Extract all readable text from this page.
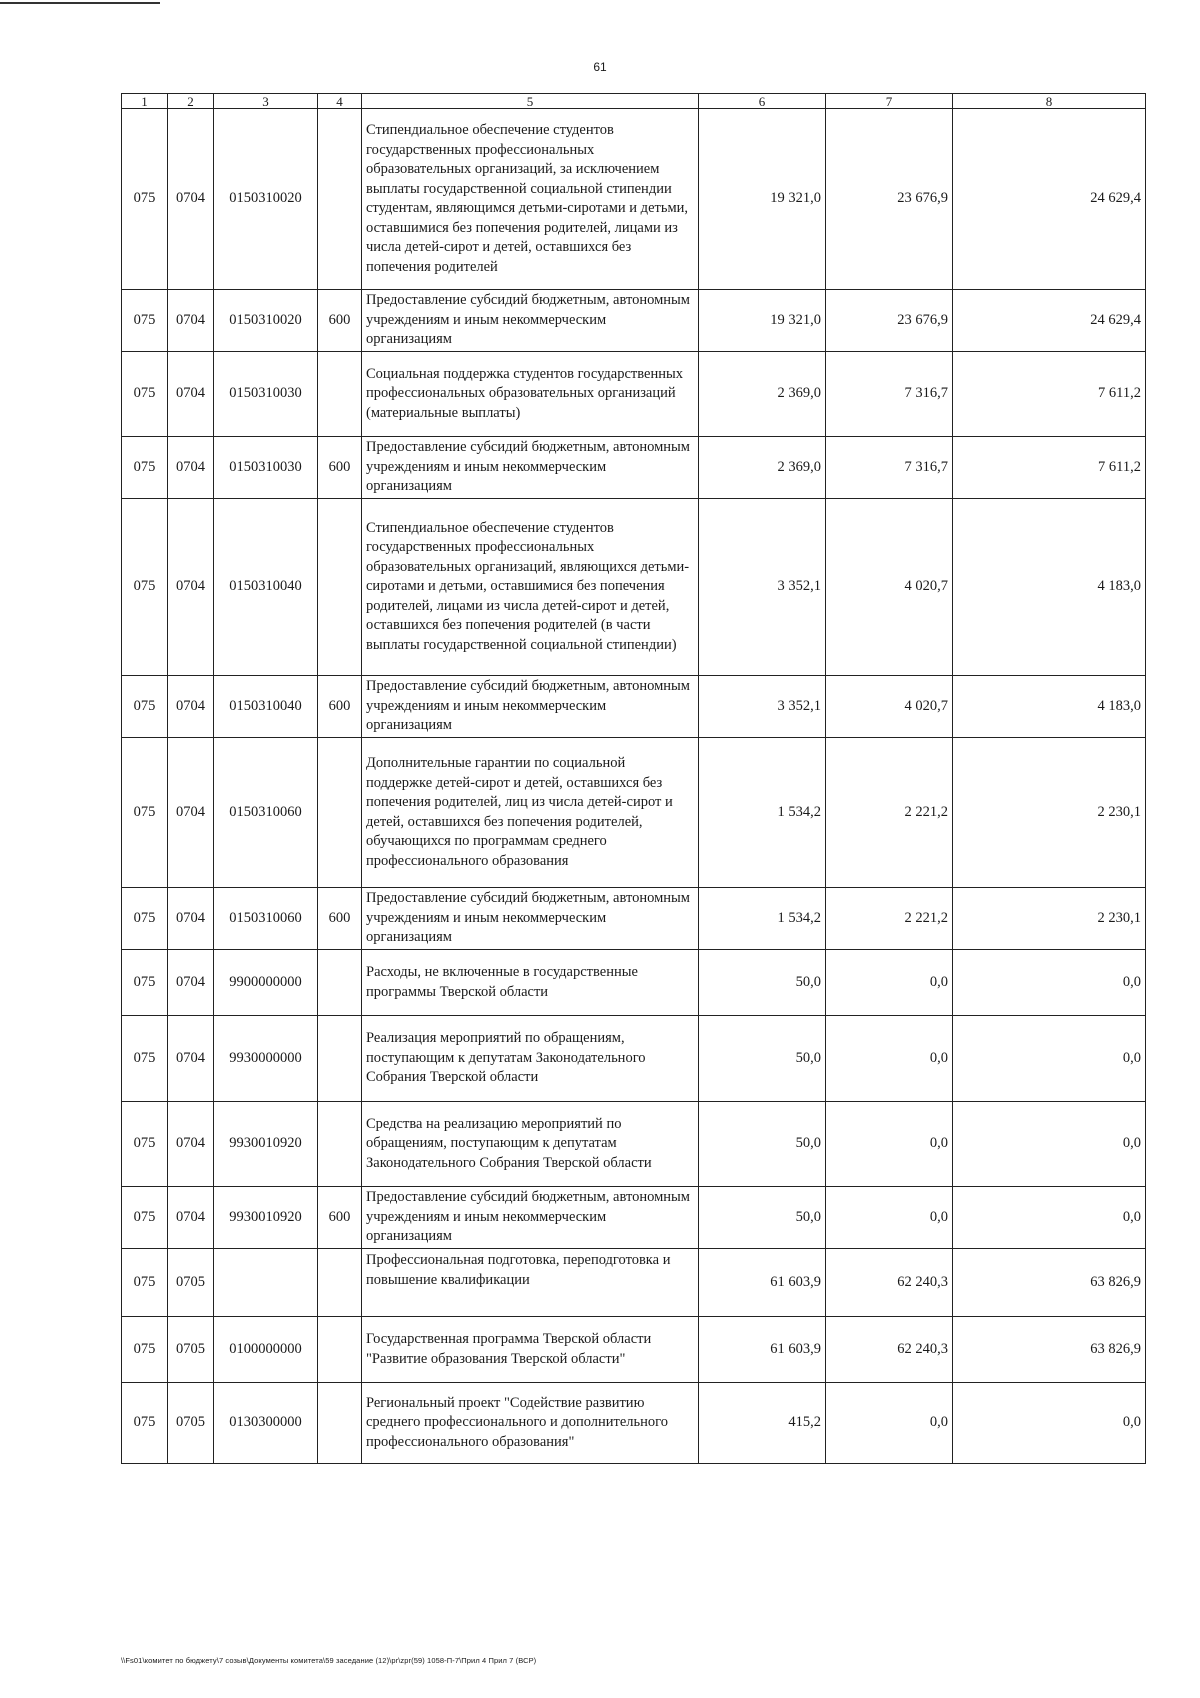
61
1	2	3	4	5	6	7	8
075	0704	0150310020		Стипендиальное обеспечение студентов государственных профессиональных образовательных организаций, за исключением выплаты государственной социальной стипендии студентам, являющимся детьми-сиротами и детьми, оставшимися без попечения родителей, лицами из числа детей-сирот и детей, оставшихся без попечения родителей	19 321,0	23 676,9	24 629,4
075	0704	0150310020	600	Предоставление субсидий бюджетным, автономным учреждениям и иным некоммерческим организациям	19 321,0	23 676,9	24 629,4
075	0704	0150310030		Социальная поддержка студентов государственных профессиональных образовательных организаций (материальные выплаты)	2 369,0	7 316,7	7 611,2
075	0704	0150310030	600	Предоставление субсидий бюджетным, автономным учреждениям и иным некоммерческим организациям	2 369,0	7 316,7	7 611,2
075	0704	0150310040		Стипендиальное обеспечение студентов государственных профессиональных образовательных организаций, являющихся детьми-сиротами и детьми, оставшимися без попечения родителей, лицами из числа детей-сирот и детей, оставшихся без попечения родителей (в части выплаты государственной социальной стипендии)	3 352,1	4 020,7	4 183,0
075	0704	0150310040	600	Предоставление субсидий бюджетным, автономным учреждениям и иным некоммерческим организациям	3 352,1	4 020,7	4 183,0
075	0704	0150310060		Дополнительные гарантии по социальной поддержке детей-сирот и детей, оставшихся без попечения родителей, лиц из числа детей-сирот и детей, оставшихся без попечения родителей, обучающихся по программам среднего профессионального образования	1 534,2	2 221,2	2 230,1
075	0704	0150310060	600	Предоставление субсидий бюджетным, автономным учреждениям и иным некоммерческим организациям	1 534,2	2 221,2	2 230,1
075	0704	9900000000		Расходы, не включенные в государственные программы Тверской области	50,0	0,0	0,0
075	0704	9930000000		Реализация мероприятий по обращениям, поступающим к депутатам Законодательного Собрания Тверской области	50,0	0,0	0,0
075	0704	9930010920		Средства на реализацию мероприятий по обращениям, поступающим к депутатам Законодательного Собрания Тверской области	50,0	0,0	0,0
075	0704	9930010920	600	Предоставление субсидий бюджетным, автономным учреждениям и иным некоммерческим организациям	50,0	0,0	0,0
075	0705			Профессиональная подготовка, переподготовка и повышение квалификации	61 603,9	62 240,3	63 826,9
075	0705	0100000000		Государственная программа Тверской области "Развитие образования Тверской области"	61 603,9	62 240,3	63 826,9
075	0705	0130300000		Региональный проект "Содействие развитию среднего профессионального и дополнительного профессионального образования"	415,2	0,0	0,0
\\Fs01\комитет по бюджету\7 созыв\Документы комитета\59 заседание (12)\pr\zpr(59) 1058-П-7\Прил 4 Прил 7 (ВСР)
